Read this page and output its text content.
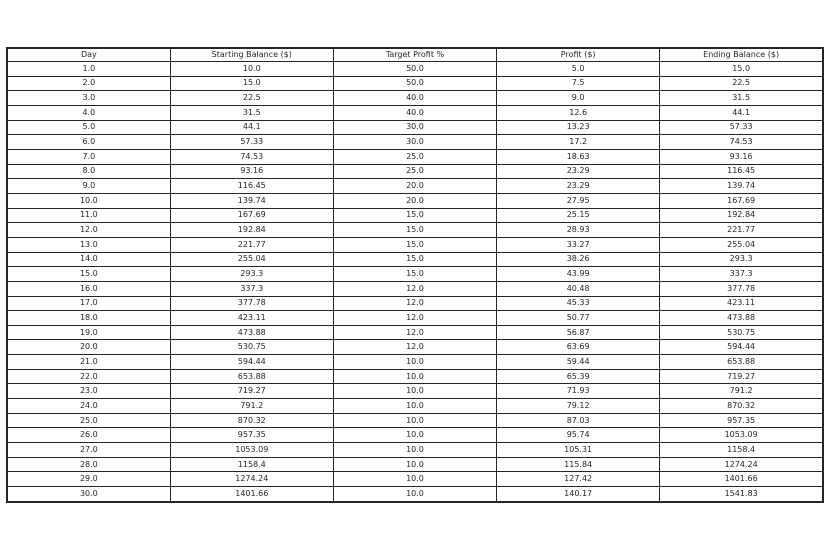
Day	Starting Balance ($)	Target Profit %	Profit ($)	Ending Balance ($)
1.0	10.0	50.0	5.0	15.0
2.0	15.0	50.0	7.5	22.5
3.0	22.5	40.0	9.0	31.5
4.0	31.5	40.0	12.6	44.1
5.0	44.1	30.0	13.23	57.33
6.0	57.33	30.0	17.2	74.53
7.0	74.53	25.0	18.63	93.16
8.0	93.16	25.0	23.29	116.45
9.0	116.45	20.0	23.29	139.74
10.0	139.74	20.0	27.95	167.69
11.0	167.69	15.0	25.15	192.84
12.0	192.84	15.0	28.93	221.77
13.0	221.77	15.0	33.27	255.04
14.0	255.04	15.0	38.26	293.3
15.0	293.3	15.0	43.99	337.3
16.0	337.3	12.0	40.48	377.78
17.0	377.78	12.0	45.33	423.11
18.0	423.11	12.0	50.77	473.88
19.0	473.88	12.0	56.87	530.75
20.0	530.75	12.0	63.69	594.44
21.0	594.44	10.0	59.44	653.88
22.0	653.88	10.0	65.39	719.27
23.0	719.27	10.0	71.93	791.2
24.0	791.2	10.0	79.12	870.32
25.0	870.32	10.0	87.03	957.35
26.0	957.35	10.0	95.74	1053.09
27.0	1053.09	10.0	105.31	1158.4
28.0	1158.4	10.0	115.84	1274.24
29.0	1274.24	10.0	127.42	1401.66
30.0	1401.66	10.0	140.17	1541.83
